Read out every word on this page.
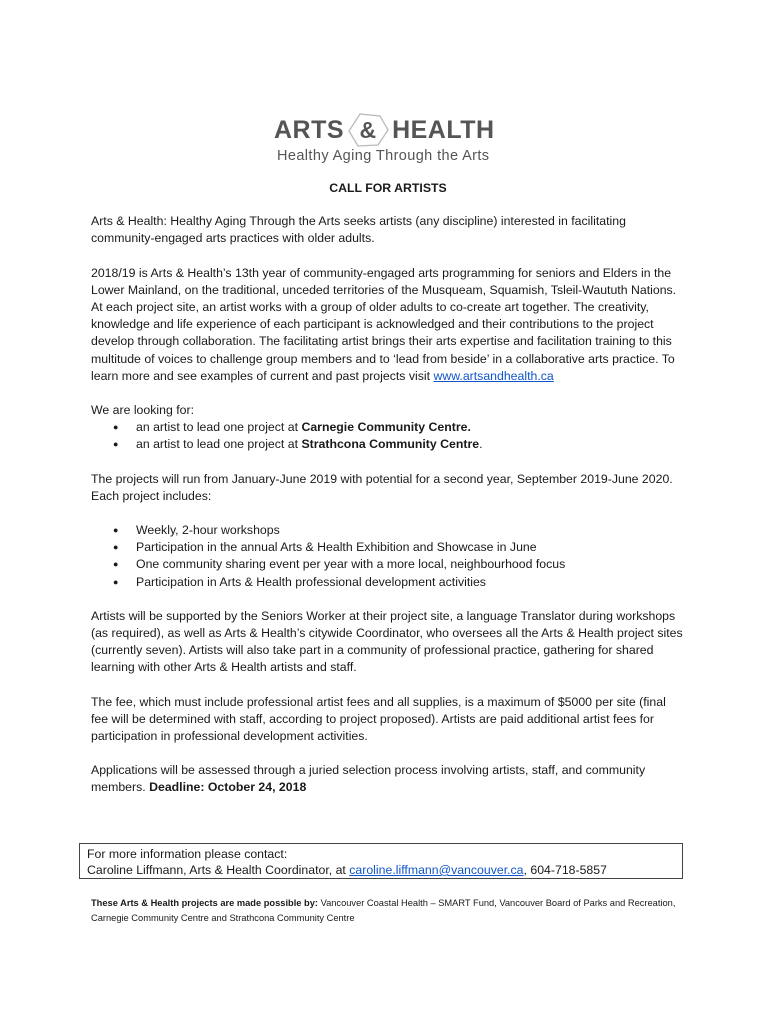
ARTS & HEALTH
Healthy Aging Through the Arts
CALL FOR ARTISTS

Arts & Health: Healthy Aging Through the Arts seeks artists (any discipline) interested in facilitating community-engaged arts practices with older adults.

2018/19 is Arts & Health’s 13th year of community-engaged arts programming for seniors and Elders in the Lower Mainland, on the traditional, unceded territories of the Musqueam, Squamish, Tsleil-Waututh Nations. At each project site, an artist works with a group of older adults to co-create art together. The creativity, knowledge and life experience of each participant is acknowledged and their contributions to the project develop through collaboration. The facilitating artist brings their arts expertise and facilitation training to this multitude of voices to challenge group members and to ‘lead from beside’ in a collaborative arts practice. To learn more and see examples of current and past projects visit www.artsandhealth.ca

We are looking for:
● an artist to lead one project at Carnegie Community Centre.
● an artist to lead one project at Strathcona Community Centre.

The projects will run from January-June 2019 with potential for a second year, September 2019-June 2020. Each project includes:

● Weekly, 2-hour workshops
● Participation in the annual Arts & Health Exhibition and Showcase in June
● One community sharing event per year with a more local, neighbourhood focus
● Participation in Arts & Health professional development activities

Artists will be supported by the Seniors Worker at their project site, a language Translator during workshops (as required), as well as Arts & Health’s citywide Coordinator, who oversees all the Arts & Health project sites (currently seven). Artists will also take part in a community of professional practice, gathering for shared learning with other Arts & Health artists and staff.

The fee, which must include professional artist fees and all supplies, is a maximum of $5000 per site (final fee will be determined with staff, according to project proposed). Artists are paid additional artist fees for participation in professional development activities.

Applications will be assessed through a juried selection process involving artists, staff, and community members. Deadline: October 24, 2018

For more information please contact:
Caroline Liffmann, Arts & Health Coordinator, at caroline.liffmann@vancouver.ca, 604-718-5857
These Arts & Health projects are made possible by: Vancouver Coastal Health – SMART Fund, Vancouver Board of Parks and Recreation, Carnegie Community Centre and Strathcona Community Centre
